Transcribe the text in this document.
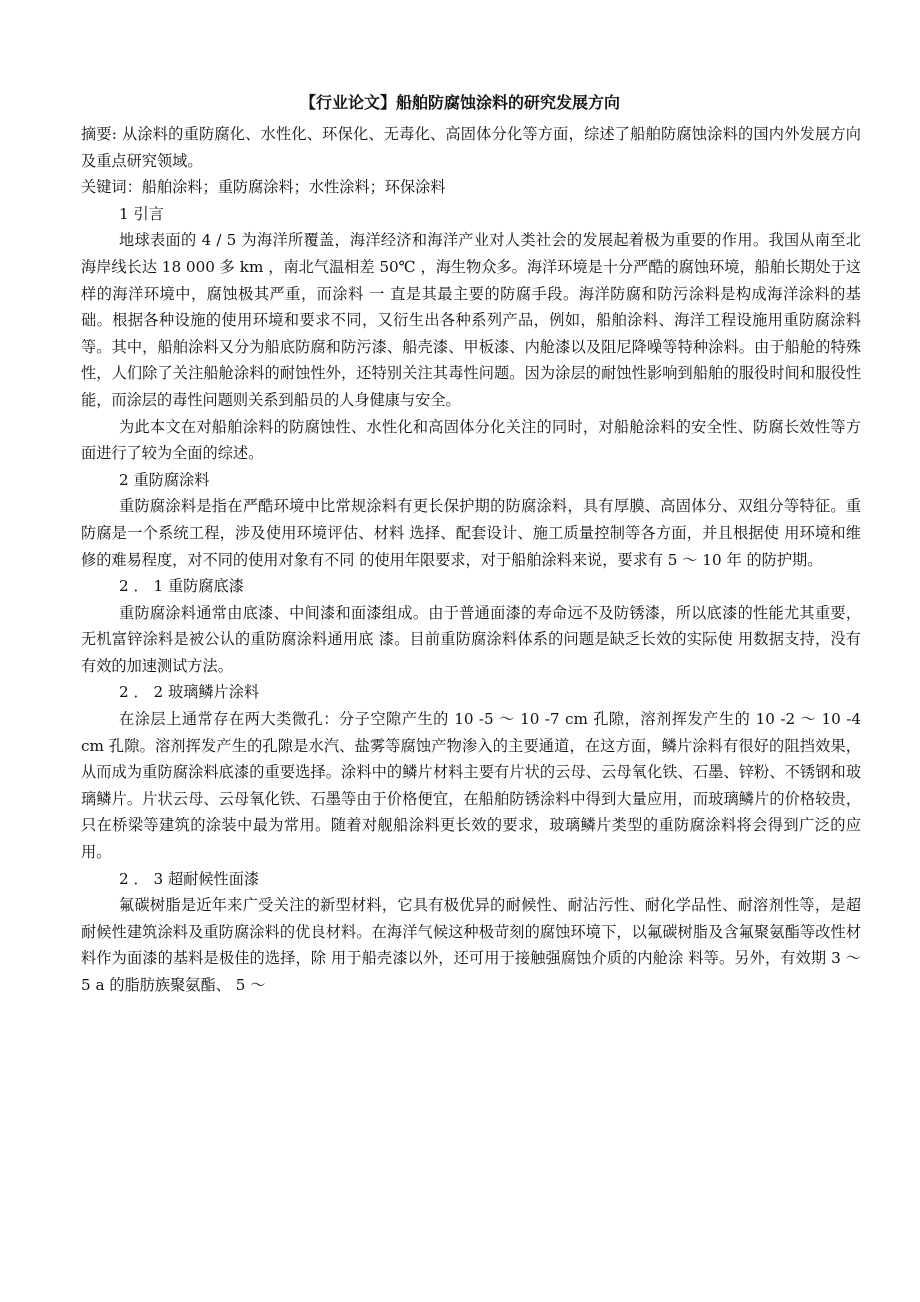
【行业论文】船舶防腐蚀涂料的研究发展方向

摘要: 从涂料的重防腐化、水性化、环保化、无毒化、高固体分化等方面，综述了船舶防腐蚀涂料的国内外发展方向及重点研究领域。

关键词：船舶涂料；重防腐涂料；水性涂料；环保涂料

1 引言

地球表面的 4 / 5 为海洋所覆盖，海洋经济和海洋产业对人类社会的发展起着极为重要的作用。我国从南至北海岸线长达 18 000 多 km ，南北气温相差 50℃ ，海生物众多。海洋环境是十分严酷的腐蚀环境，船舶长期处于这样的海洋环境中，腐蚀极其严重，而涂料 一 直是其最主要的防腐手段。海洋防腐和防污涂料是构成海洋涂料的基础。根据各种设施的使用环境和要求不同，又衍生出各种系列产品，例如，船舶涂料、海洋工程设施用重防腐涂料等。其中，船舶涂料又分为船底防腐和防污漆、船壳漆、甲板漆、内舱漆以及阻尼降噪等特种涂料。由于船舱的特殊性，人们除了关注船舱涂料的耐蚀性外，还特别关注其毒性问题。因为涂层的耐蚀性影响到船舶的服役时间和服役性能，而涂层的毒性问题则关系到船员的人身健康与安全。

为此本文在对船舶涂料的防腐蚀性、水性化和高固体分化关注的同时，对船舱涂料的安全性、防腐长效性等方面进行了较为全面的综述。

2 重防腐涂料

重防腐涂料是指在严酷环境中比常规涂料有更长保护期的防腐涂料，具有厚膜、高固体分、双组分等特征。重防腐是一个系统工程，涉及使用环境评估、材料 选择、配套设计、施工质量控制等各方面，并且根据使 用环境和维修的难易程度，对不同的使用对象有不同 的使用年限要求，对于船舶涂料来说，要求有 5 ～ 10 年 的防护期。

2 ． 1 重防腐底漆

重防腐涂料通常由底漆、中间漆和面漆组成。由于普通面漆的寿命远不及防锈漆，所以底漆的性能尤其重要，无机富锌涂料是被公认的重防腐涂料通用底 漆。目前重防腐涂料体系的问题是缺乏长效的实际使 用数据支持，没有有效的加速测试方法。

2 ． 2 玻璃鳞片涂料

在涂层上通常存在两大类微孔：分子空隙产生的 10 -5 ～ 10 -7 cm 孔隙，溶剂挥发产生的 10 -2 ～ 10 -4 cm 孔隙。溶剂挥发产生的孔隙是水汽、盐雾等腐蚀产物渗入的主要通道，在这方面，鳞片涂料有很好的阻挡效果，从而成为重防腐涂料底漆的重要选择。涂料中的鳞片材料主要有片状的云母、云母氧化铁、石墨、锌粉、不锈钢和玻璃鳞片。片状云母、云母氧化铁、石墨等由于价格便宜，在船舶防锈涂料中得到大量应用，而玻璃鳞片的价格较贵，只在桥梁等建筑的涂装中最为常用。随着对舰船涂料更长效的要求，玻璃鳞片类型的重防腐涂料将会得到广泛的应用。

2 ． 3 超耐候性面漆

氟碳树脂是近年来广受关注的新型材料，它具有极优异的耐候性、耐沾污性、耐化学品性、耐溶剂性等，是超耐候性建筑涂料及重防腐涂料的优良材料。在海洋气候这种极苛刻的腐蚀环境下，以氟碳树脂及含氟聚氨酯等改性材料作为面漆的基料是极佳的选择，除 用于船壳漆以外，还可用于接触强腐蚀介质的内舱涂 料等。另外，有效期 3 ～ 5 a 的脂肪族聚氨酯、 5 ～
